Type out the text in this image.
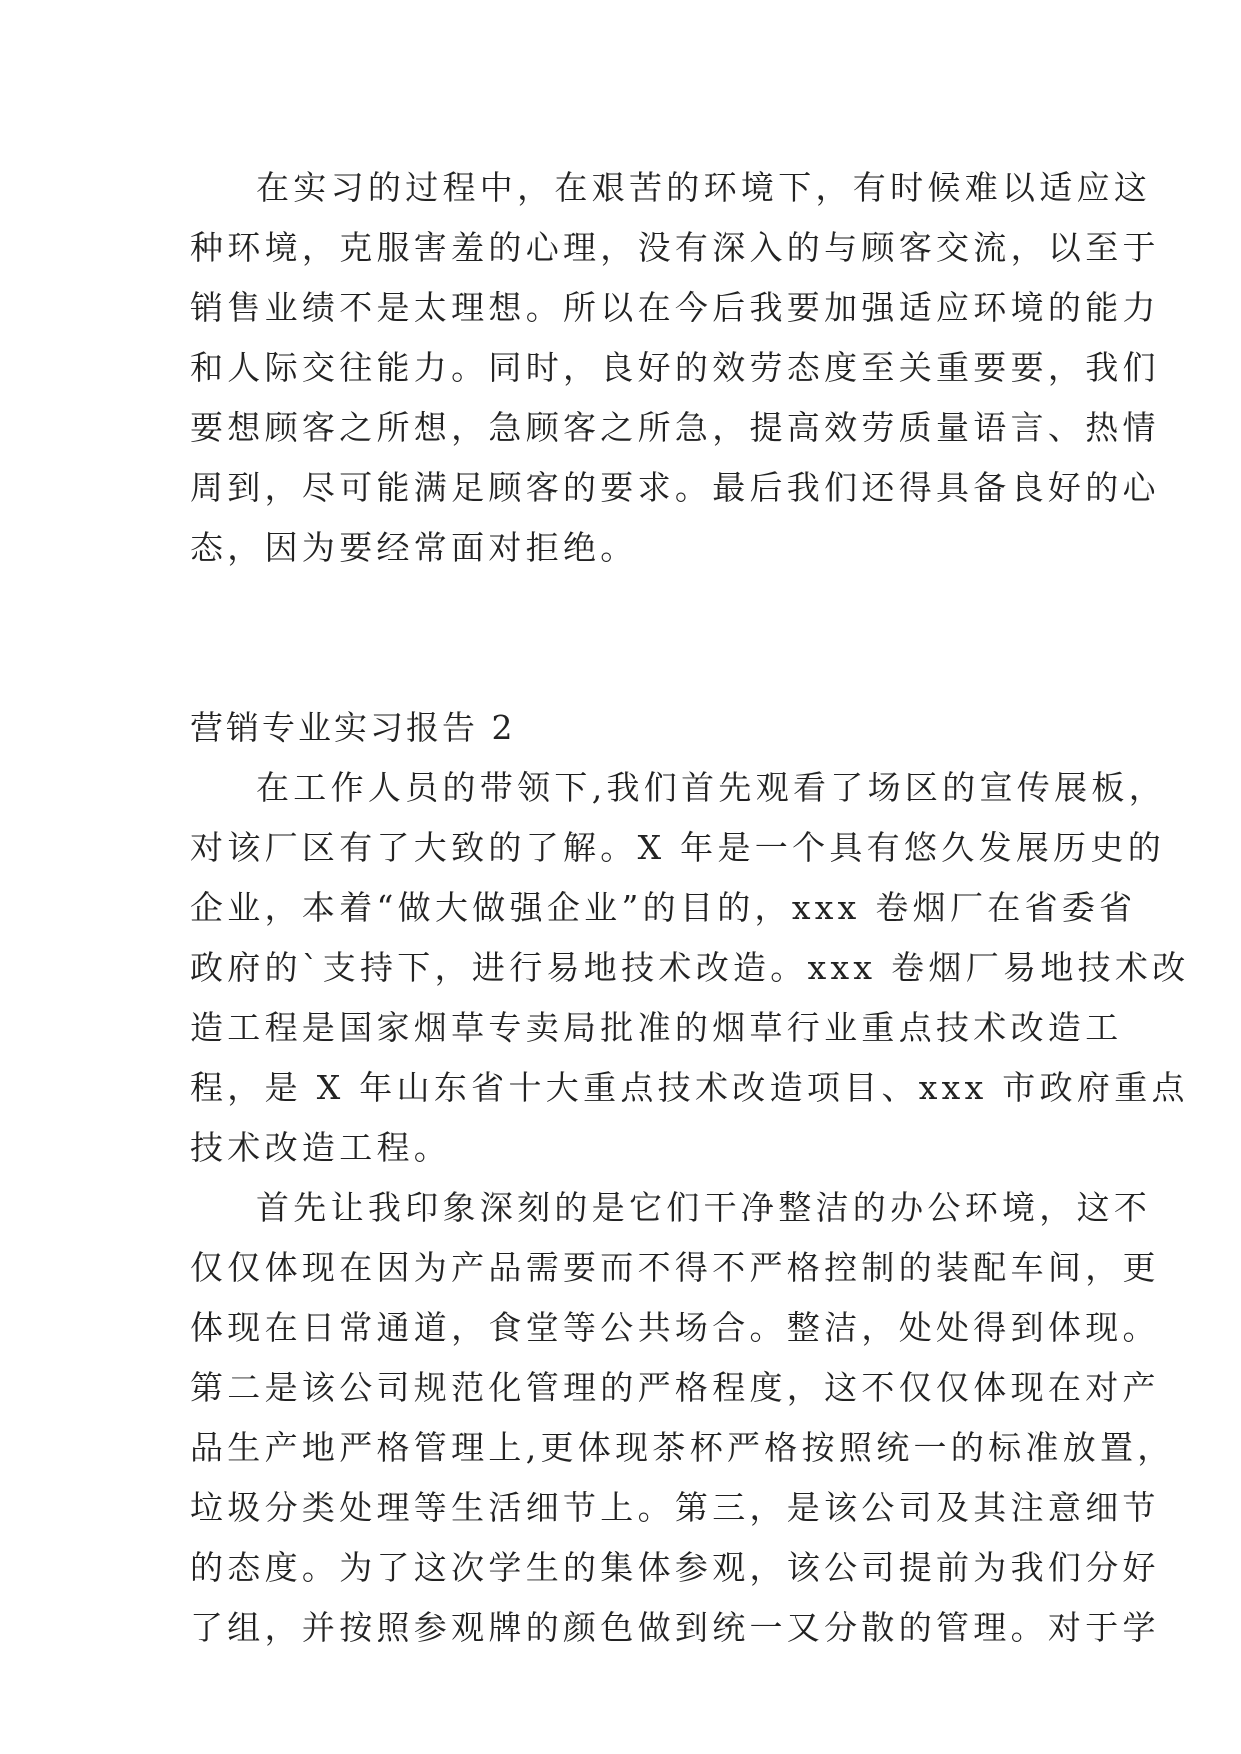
在实习的过程中，在艰苦的环境下，有时候难以适应这
种环境，克服害羞的心理，没有深入的与顾客交流，以至于
销售业绩不是太理想。所以在今后我要加强适应环境的能力
和人际交往能力。同时，良好的效劳态度至关重要要，我们
要想顾客之所想，急顾客之所急，提高效劳质量语言、热情
周到，尽可能满足顾客的要求。最后我们还得具备良好的心
态，因为要经常面对拒绝。
营销专业实习报告 2
在工作人员的带领下,我们首先观看了场区的宣传展板，
对该厂区有了大致的了解。X 年是一个具有悠久发展历史的
企业，本着“做大做强企业”的目的，xxx 卷烟厂在省委省
政府的`支持下，进行易地技术改造。xxx 卷烟厂易地技术改
造工程是国家烟草专卖局批准的烟草行业重点技术改造工
程，是 X 年山东省十大重点技术改造项目、xxx 市政府重点
技术改造工程。
首先让我印象深刻的是它们干净整洁的办公环境，这不
仅仅体现在因为产品需要而不得不严格控制的装配车间，更
体现在日常通道，食堂等公共场合。整洁，处处得到体现。
第二是该公司规范化管理的严格程度，这不仅仅体现在对产
品生产地严格管理上,更体现茶杯严格按照统一的标准放置，
垃圾分类处理等生活细节上。第三，是该公司及其注意细节
的态度。为了这次学生的集体参观，该公司提前为我们分好
了组，并按照参观牌的颜色做到统一又分散的管理。对于学
